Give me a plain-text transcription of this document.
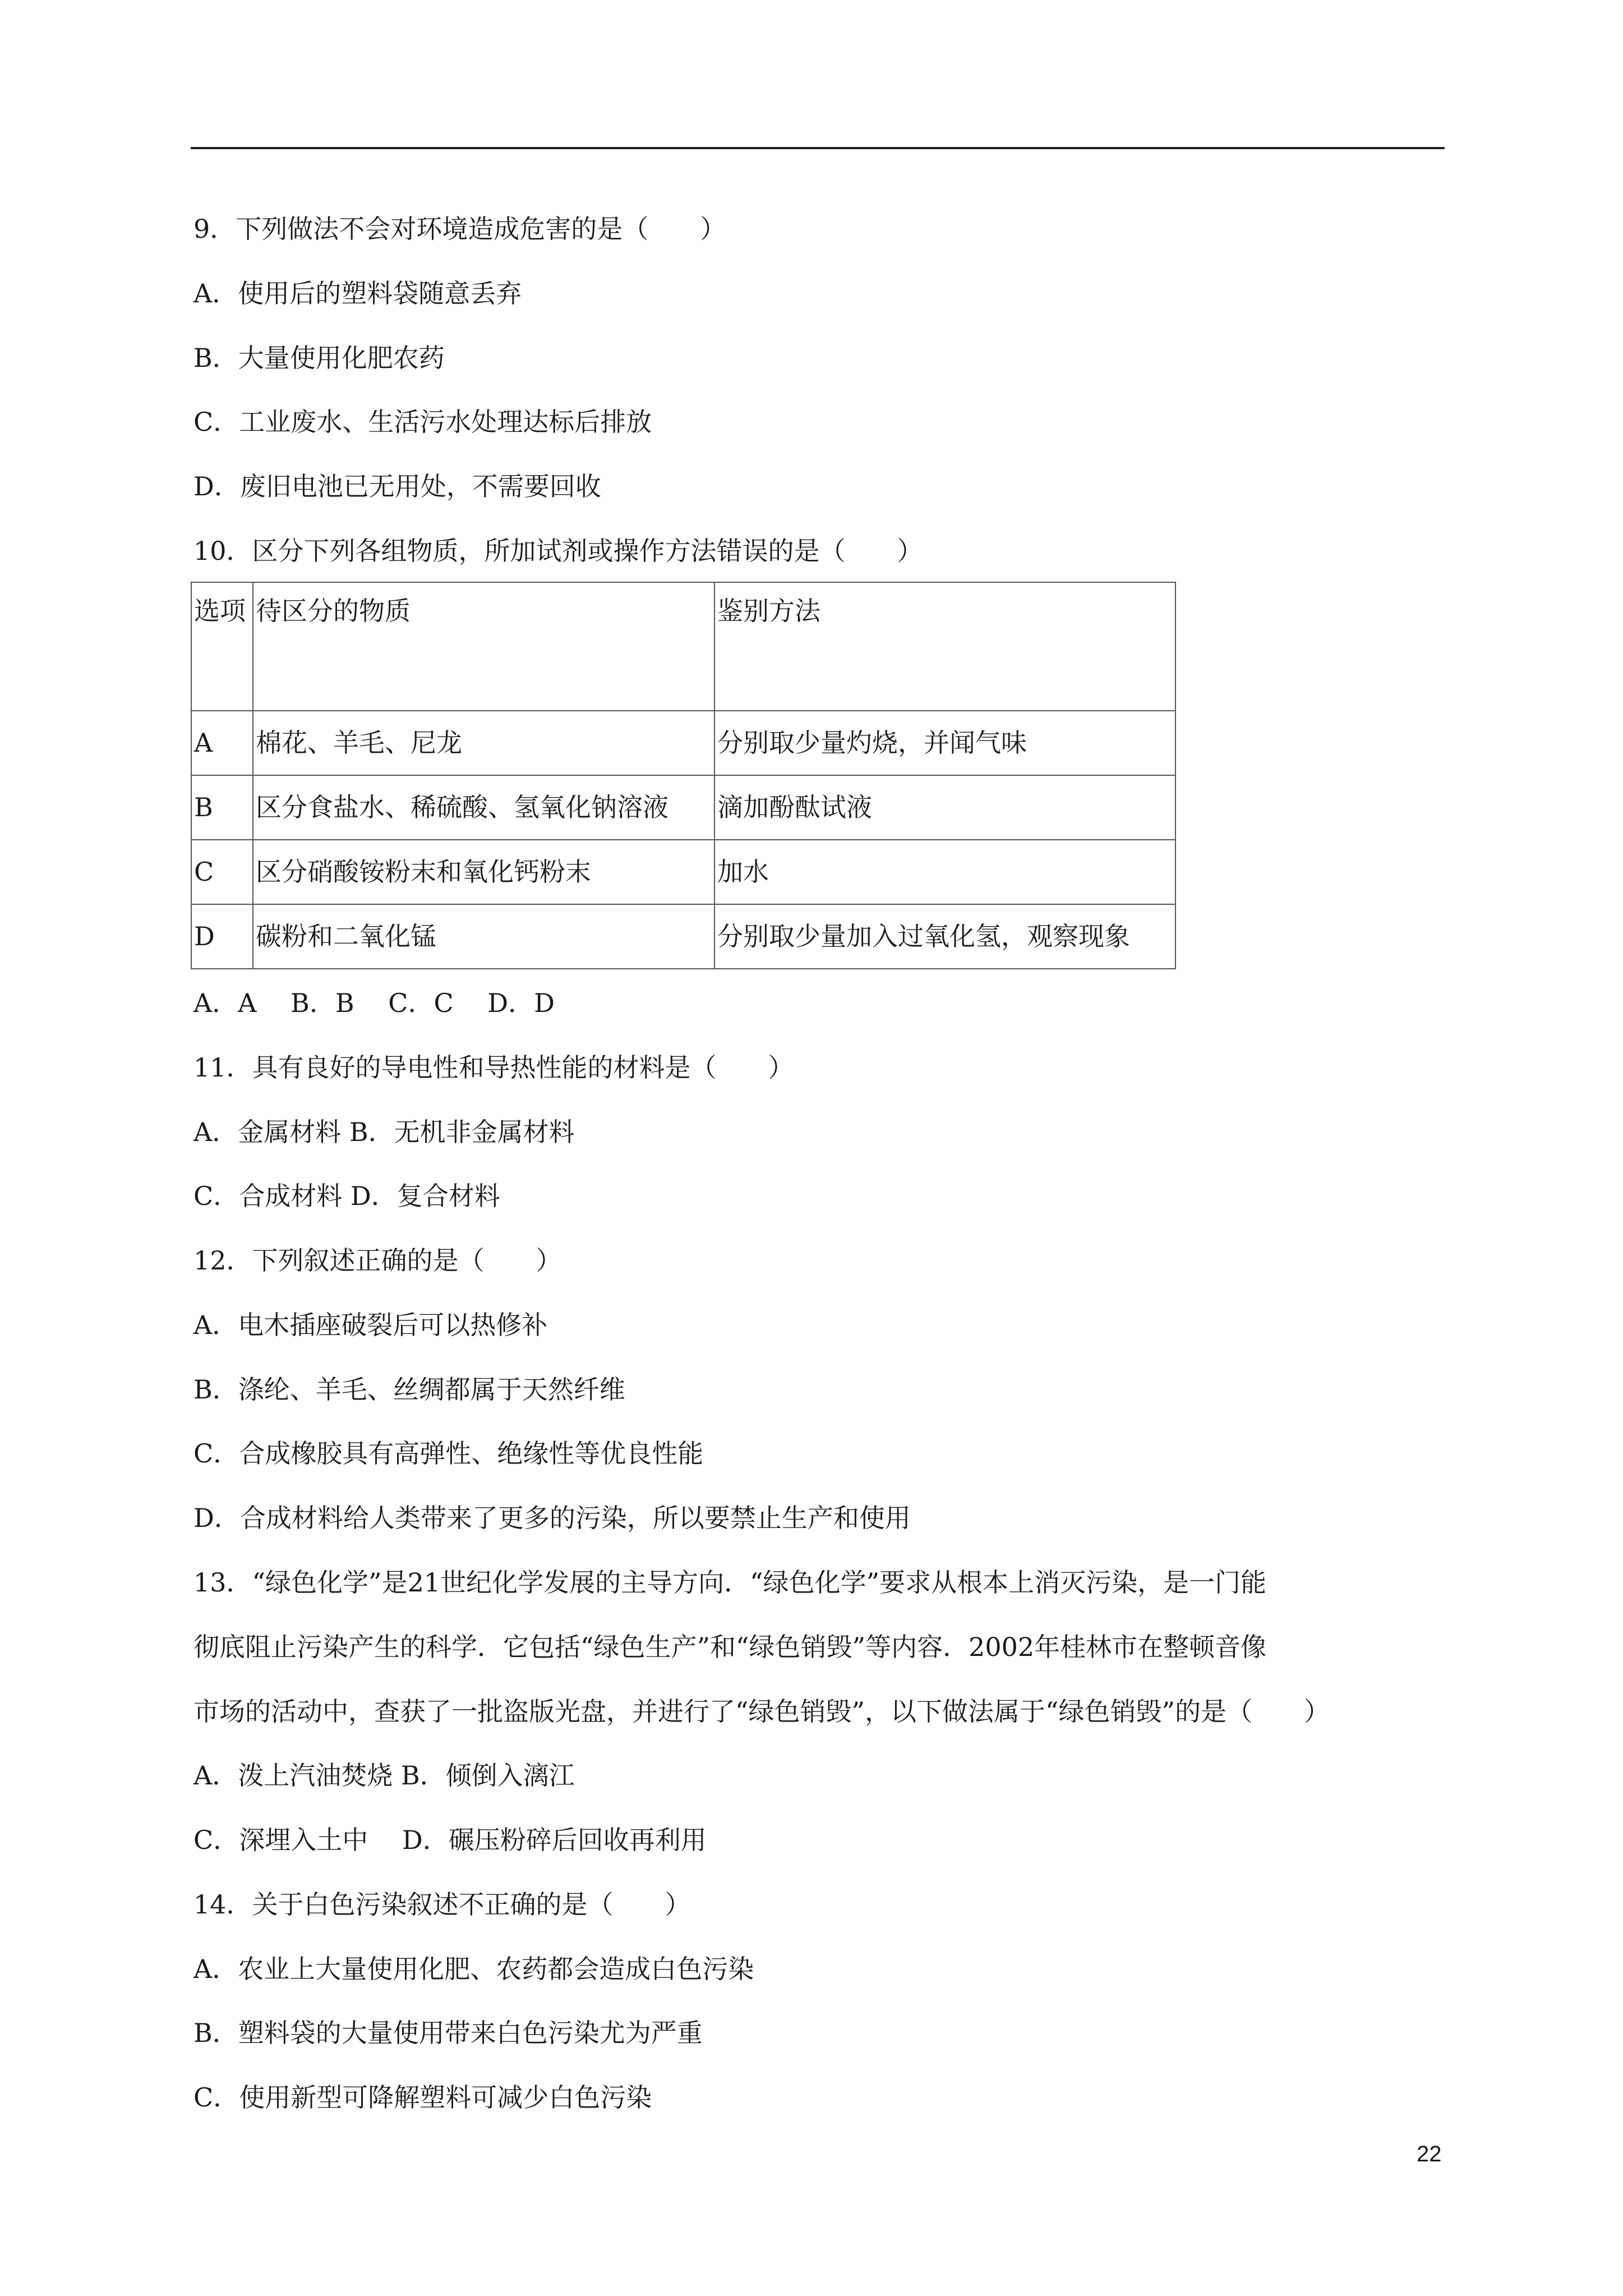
9．下列做法不会对环境造成危害的是（　　）
A．使用后的塑料袋随意丢弃
B．大量使用化肥农药
C．工业废水、生活污水处理达标后排放
D．废旧电池已无用处，不需要回收
10．区分下列各组物质，所加试剂或操作方法错误的是（　　）
选项	待区分的物质	鉴别方法
A	棉花、羊毛、尼龙	分别取少量灼烧，并闻气味
B	区分食盐水、稀硫酸、氢氧化钠溶液	滴加酚酞试液
C	区分硝酸铵粉末和氧化钙粉末	加水
D	碳粉和二氧化锰	分别取少量加入过氧化氢，观察现象
A．A　 B．B　 C．C　 D．D
11．具有良好的导电性和导热性能的材料是（　　）
A．金属材料 B．无机非金属材料
C．合成材料 D．复合材料
12．下列叙述正确的是（　　）
A．电木插座破裂后可以热修补
B．涤纶、羊毛、丝绸都属于天然纤维
C．合成橡胶具有高弹性、绝缘性等优良性能
D．合成材料给人类带来了更多的污染，所以要禁止生产和使用
13．“绿色化学”是21世纪化学发展的主导方向．“绿色化学”要求从根本上消灭污染，是一门能
彻底阻止污染产生的科学．它包括“绿色生产”和“绿色销毁”等内容．2002年桂林市在整顿音像
市场的活动中，查获了一批盗版光盘，并进行了“绿色销毁”，以下做法属于“绿色销毁”的是（　　）
A．泼上汽油焚烧 B．倾倒入漓江
C．深埋入土中　 D．碾压粉碎后回收再利用
14．关于白色污染叙述不正确的是（　　）
A．农业上大量使用化肥、农药都会造成白色污染
B．塑料袋的大量使用带来白色污染尤为严重
C．使用新型可降解塑料可减少白色污染
22
